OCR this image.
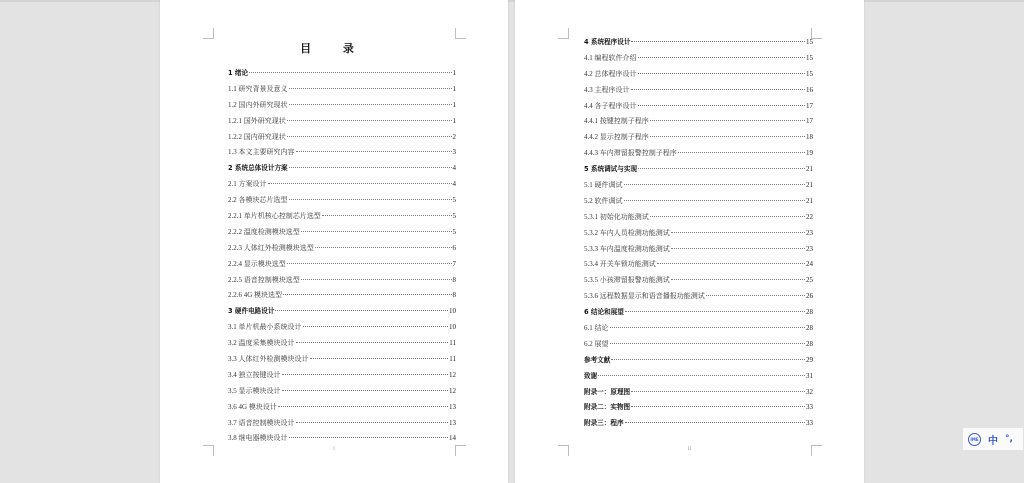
目 录
1 绪论	1
1.1 研究背景及意义	1
1.2 国内外研究现状	1
1.2.1 国外研究现状	1
1.2.2 国内研究现状	2
1.3 本文主要研究内容	3
2 系统总体设计方案	4
2.1 方案设计	4
2.2 各模块芯片选型	5
2.2.1 单片机核心控制芯片选型	5
2.2.2 温度检测模块选型	5
2.2.3 人体红外检测模块选型	6
2.2.4 显示模块选型	7
2.2.5 语音控制模块选型	8
2.2.6 4G 模块选型	8
3 硬件电路设计	10
3.1 单片机最小系统设计	10
3.2 温度采集模块设计	11
3.3 人体红外检测模块设计	11
3.4 独立按键设计	12
3.5 显示模块设计	12
3.6 4G 模块设计	13
3.7 语音控制模块设计	13
3.8 继电器模块设计	14
I
4 系统程序设计	15
4.1 编程软件介绍	15
4.2 总体程序设计	15
4.3 主程序设计	16
4.4 各子程序设计	17
4.4.1 按键控制子程序	17
4.4.2 显示控制子程序	18
4.4.3 车内滞留报警控制子程序	19
5 系统调试与实现	21
5.1 硬件调试	21
5.2 软件调试	21
5.3.1 初始化功能测试	22
5.3.2 车内人员检测功能测试	23
5.3.3 车内温度检测功能测试	23
5.3.4 开关车锁功能测试	24
5.3.5 小孩滞留报警功能测试	25
5.3.6 远程数据显示和语音播报功能测试	26
6 结论和展望	28
6.1 结论	28
6.2 展望	28
参考文献	29
致谢	31
附录一：原理图	32
附录二：实物图	33
附录三：程序	33
II
IME 中 °,
